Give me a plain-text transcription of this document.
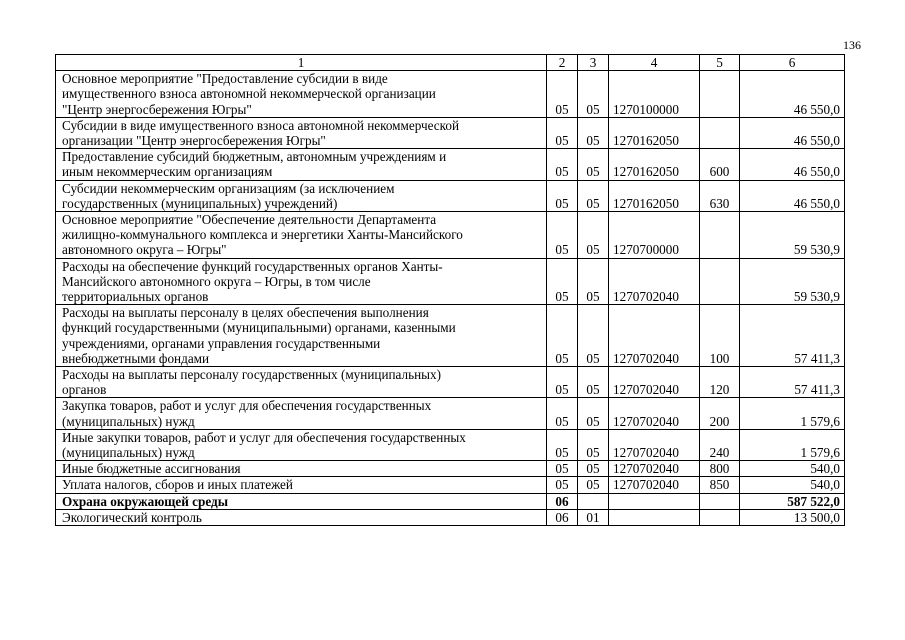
136
1	2	3	4	5	6
Основное мероприятие "Предоставление субсидии в виде
имущественного взноса автономной некоммерческой организации
"Центр энергосбережения Югры"	05	05	1270100000		46 550,0
Субсидии в виде имущественного взноса автономной некоммерческой
организации "Центр энергосбережения Югры"	05	05	1270162050		46 550,0
Предоставление субсидий бюджетным, автономным учреждениям и
иным некоммерческим организациям	05	05	1270162050	600	46 550,0
Субсидии некоммерческим организациям (за исключением
государственных (муниципальных) учреждений)	05	05	1270162050	630	46 550,0
Основное мероприятие "Обеспечение деятельности Департамента
жилищно-коммунального комплекса и энергетики Ханты-Мансийского
автономного округа – Югры"	05	05	1270700000		59 530,9
Расходы на обеспечение функций государственных органов Ханты-
Мансийского автономного округа – Югры, в том числе
территориальных органов	05	05	1270702040		59 530,9
Расходы на выплаты персоналу в целях обеспечения выполнения
функций государственными (муниципальными) органами, казенными
учреждениями, органами управления государственными
внебюджетными фондами	05	05	1270702040	100	57 411,3
Расходы на выплаты персоналу государственных (муниципальных)
органов	05	05	1270702040	120	57 411,3
Закупка товаров, работ и услуг для обеспечения государственных
(муниципальных) нужд	05	05	1270702040	200	1 579,6
Иные закупки товаров, работ и услуг для обеспечения государственных
(муниципальных) нужд	05	05	1270702040	240	1 579,6
Иные бюджетные ассигнования	05	05	1270702040	800	540,0
Уплата налогов, сборов и иных платежей	05	05	1270702040	850	540,0
Охрана окружающей среды	06				587 522,0
Экологический контроль	06	01			13 500,0
